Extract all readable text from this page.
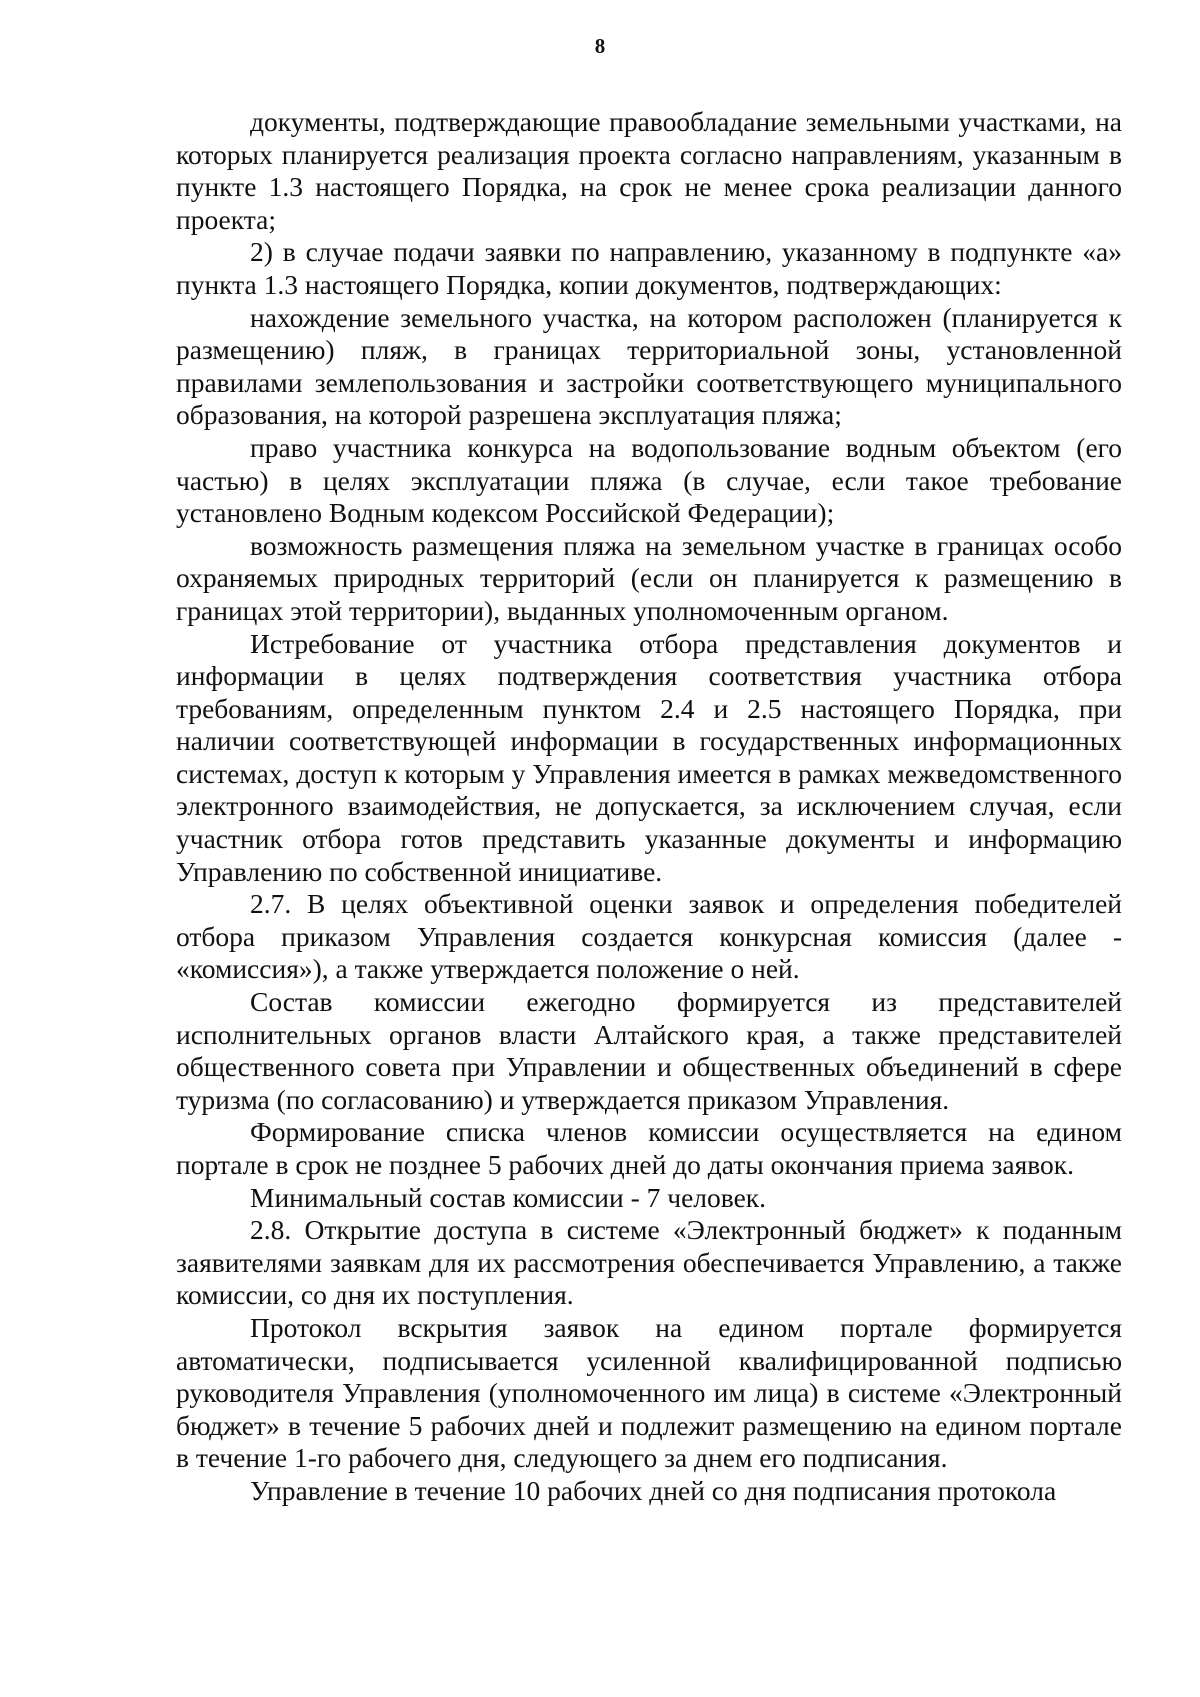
8

документы, подтверждающие правообладание земельными участками, на которых планируется реализация проекта согласно направлениям, указанным в пункте 1.3 настоящего Порядка, на срок не менее срока реализации данного проекта;

2) в случае подачи заявки по направлению, указанному в подпункте «а» пункта 1.3 настоящего Порядка, копии документов, подтверждающих:

нахождение земельного участка, на котором расположен (планируется к размещению) пляж, в границах территориальной зоны, установленной правилами землепользования и застройки соответствующего муниципального образования, на которой разрешена эксплуатация пляжа;

право участника конкурса на водопользование водным объектом (его частью) в целях эксплуатации пляжа (в случае, если такое требование установлено Водным кодексом Российской Федерации);

возможность размещения пляжа на земельном участке в границах особо охраняемых природных территорий (если он планируется к размещению в границах этой территории), выданных уполномоченным органом.

Истребование от участника отбора представления документов и информации в целях подтверждения соответствия участника отбора требованиям, определенным пунктом 2.4 и 2.5 настоящего Порядка, при наличии соответствующей информации в государственных информационных системах, доступ к которым у Управления имеется в рамках межведомственного электронного взаимодействия, не допускается, за исключением случая, если участник отбора готов представить указанные документы и информацию Управлению по собственной инициативе.

2.7. В целях объективной оценки заявок и определения победителей отбора приказом Управления создается конкурсная комиссия (далее - «комиссия»), а также утверждается положение о ней.

Состав комиссии ежегодно формируется из представителей исполнительных органов власти Алтайского края, а также представителей общественного совета при Управлении и общественных объединений в сфере туризма (по согласованию) и утверждается приказом Управления.

Формирование списка членов комиссии осуществляется на едином портале в срок не позднее 5 рабочих дней до даты окончания приема заявок.

Минимальный состав комиссии - 7 человек.

2.8. Открытие доступа в системе «Электронный бюджет» к поданным заявителями заявкам для их рассмотрения обеспечивается Управлению, а также комиссии, со дня их поступления.

Протокол вскрытия заявок на едином портале формируется автоматически, подписывается усиленной квалифицированной подписью руководителя Управления (уполномоченного им лица) в системе «Электронный бюджет» в течение 5 рабочих дней и подлежит размещению на едином портале в течение 1-го рабочего дня, следующего за днем его подписания.

Управление в течение 10 рабочих дней со дня подписания протокола
